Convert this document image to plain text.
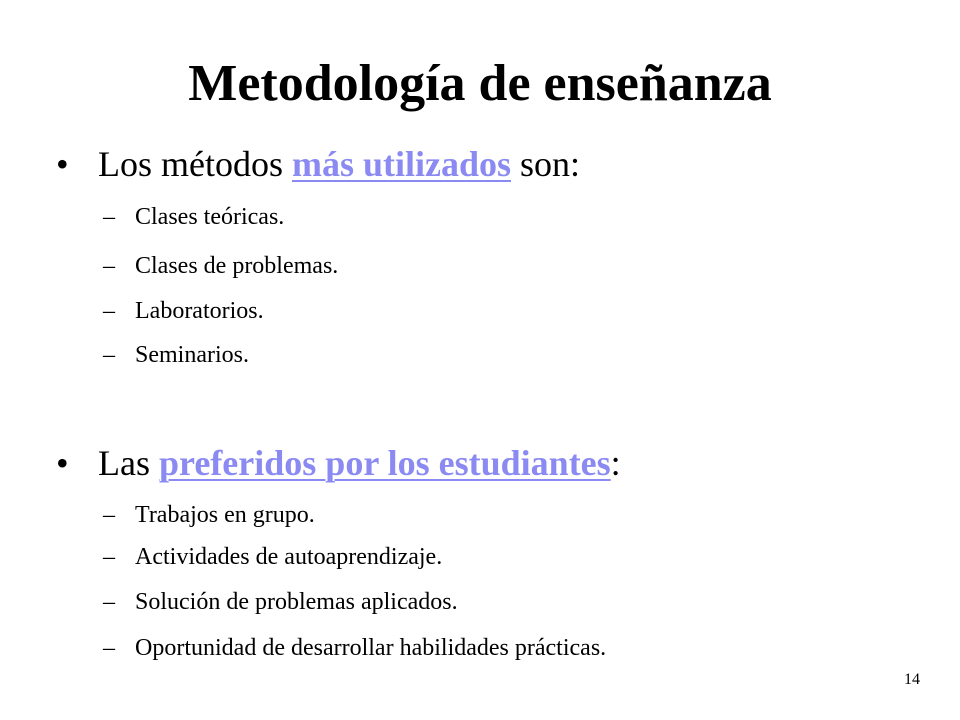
Metodología de enseñanza
• Los métodos más utilizados son:
– Clases teóricas.
– Clases de problemas.
– Laboratorios.
– Seminarios.
• Las preferidos por los estudiantes:
– Trabajos en grupo.
– Actividades de autoaprendizaje.
– Solución de problemas aplicados.
– Oportunidad de desarrollar habilidades prácticas.
14
